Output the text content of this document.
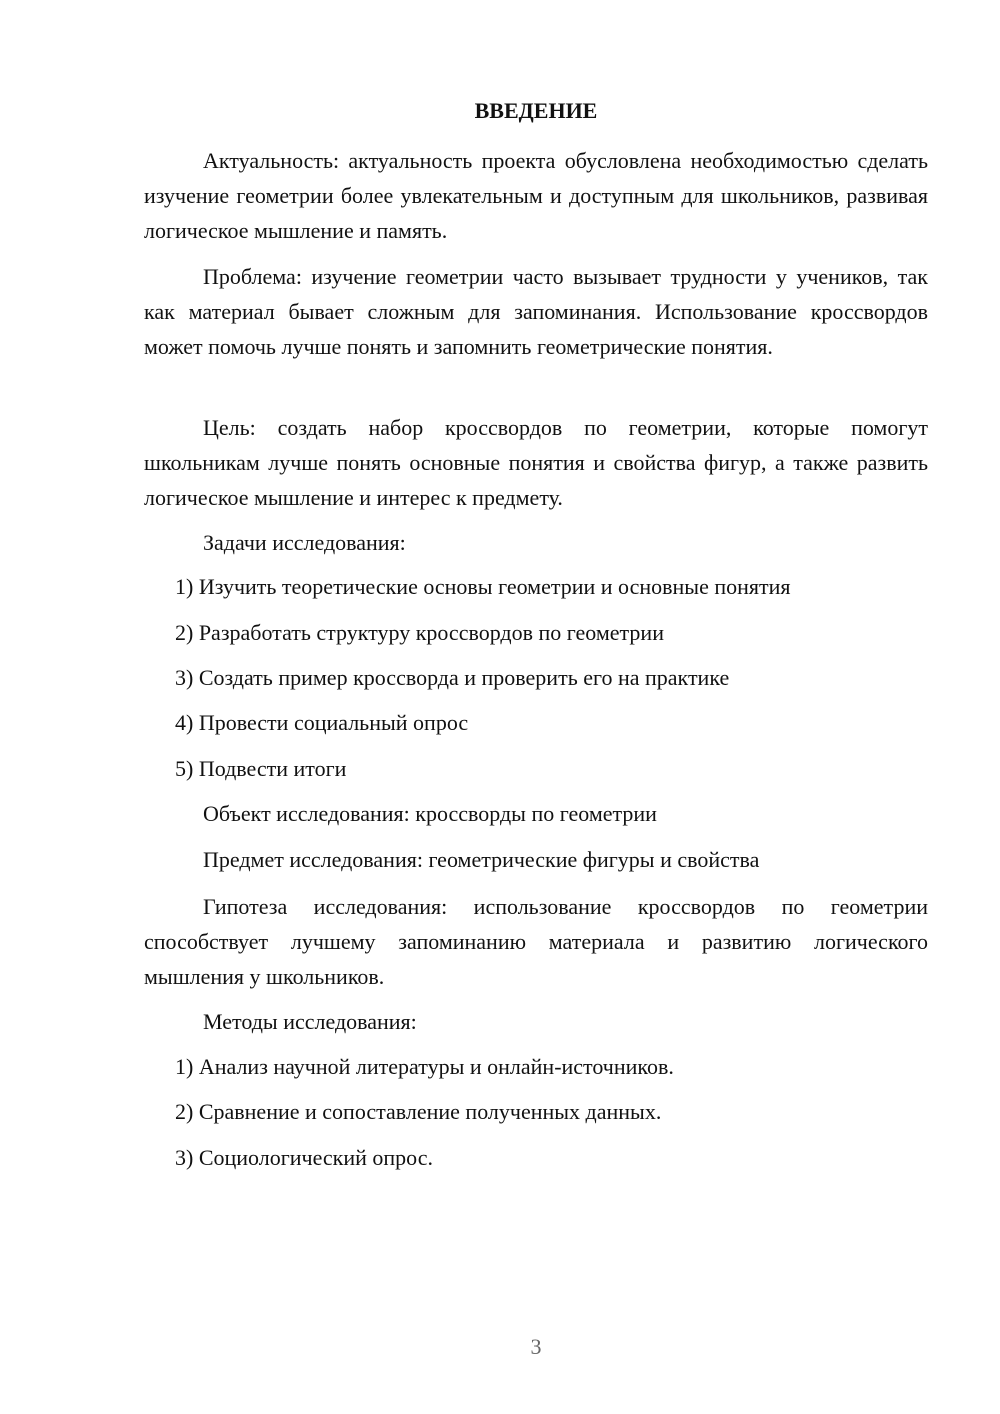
ВВЕДЕНИЕ

Актуальность: актуальность проекта обусловлена необходимостью сделать изучение геометрии более увлекательным и доступным для школьников, развивая логическое мышление и память.

Проблема: изучение геометрии часто вызывает трудности у учеников, так как материал бывает сложным для запоминания. Использование кроссвордов может помочь лучше понять и запомнить геометрические понятия.

Цель: создать набор кроссвордов по геометрии, которые помогут школьникам лучше понять основные понятия и свойства фигур, а также развить логическое мышление и интерес к предмету.

Задачи исследования:

1) Изучить теоретические основы геометрии и основные понятия

2) Разработать структуру кроссвордов по геометрии

3) Создать пример кроссворда и проверить его на практике

4) Провести социальный опрос

5) Подвести итоги

Объект исследования: кроссворды по геометрии

Предмет исследования: геометрические фигуры и свойства

Гипотеза исследования: использование кроссвордов по геометрии способствует лучшему запоминанию материала и развитию логического мышления у школьников.

Методы исследования:

1) Анализ научной литературы и онлайн-источников.

2) Сравнение и сопоставление полученных данных.

3) Социологический опрос.

3
